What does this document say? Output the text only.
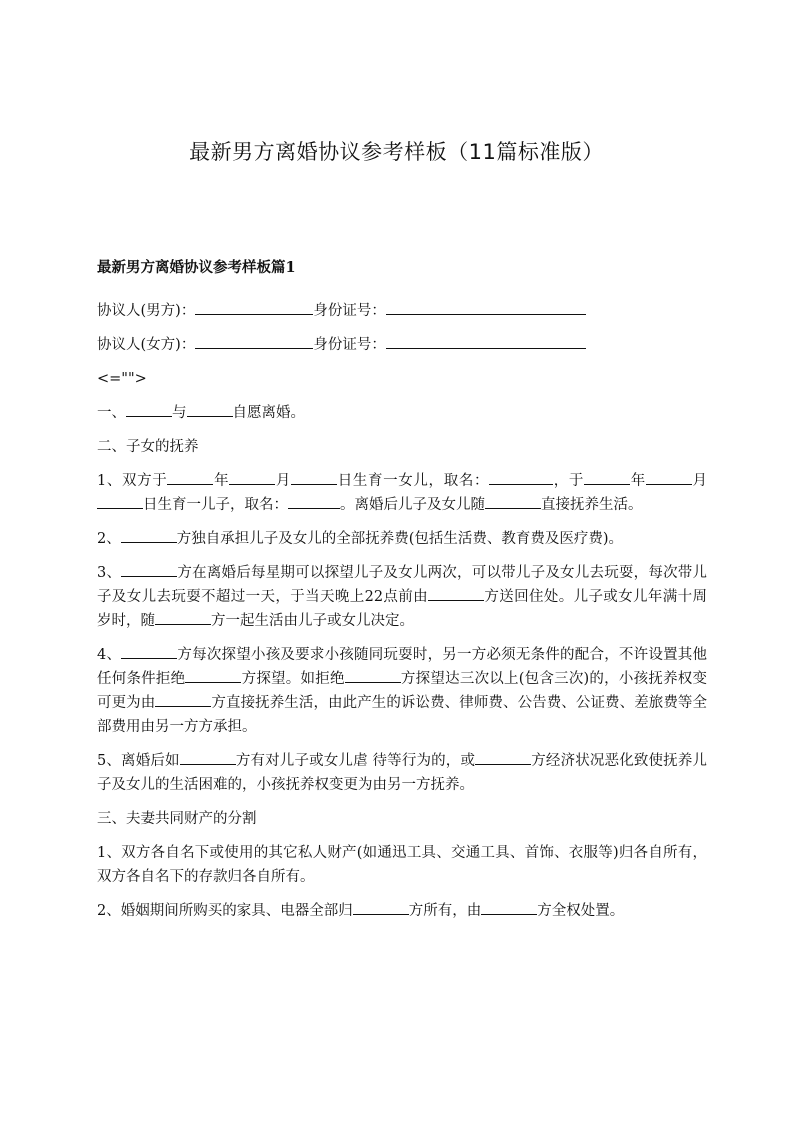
最新男方离婚协议参考样板（11篇标准版）

最新男方离婚协议参考样板篇1

协议人(男方)：	身份证号：

协议人(女方)：	身份证号：

<="">

一、	与	自愿离婚。

二、子女的抚养

1、双方于	年	月	日生育一女儿，取名：	，于	年	月日生育一儿子，取名：	。离婚后儿子及女儿随	直接抚养生活。

2、	方独自承担儿子及女儿的全部抚养费(包括生活费、教育费及医疗费)。

3、	方在离婚后每星期可以探望儿子及女儿两次，可以带儿子及女儿去玩耍，每次带儿子及女儿去玩耍不超过一天，于当天晚上22点前由	方送回住处。儿子或女儿年满十周岁时，随	方一起生活由儿子或女儿决定。

4、	方每次探望小孩及要求小孩随同玩耍时，另一方必须无条件的配合，不许设置其他任何条件拒绝	方探望。如拒绝	方探望达三次以上(包含三次)的，小孩抚养权变可更为由	方直接抚养生活，由此产生的诉讼费、律师费、公告费、公证费、差旅费等全部费用由另一方方承担。

5、离婚后如	方有对儿子或女儿虐 待等行为的，或	方经济状况恶化致使抚养儿子及女儿的生活困难的，小孩抚养权变更为由另一方抚养。

三、夫妻共同财产的分割

1、双方各自名下或使用的其它私人财产(如通迅工具、交通工具、首饰、衣服等)归各自所有，双方各自名下的存款归各自所有。

2、婚姻期间所购买的家具、电器全部归	方所有，由	方全权处置。
